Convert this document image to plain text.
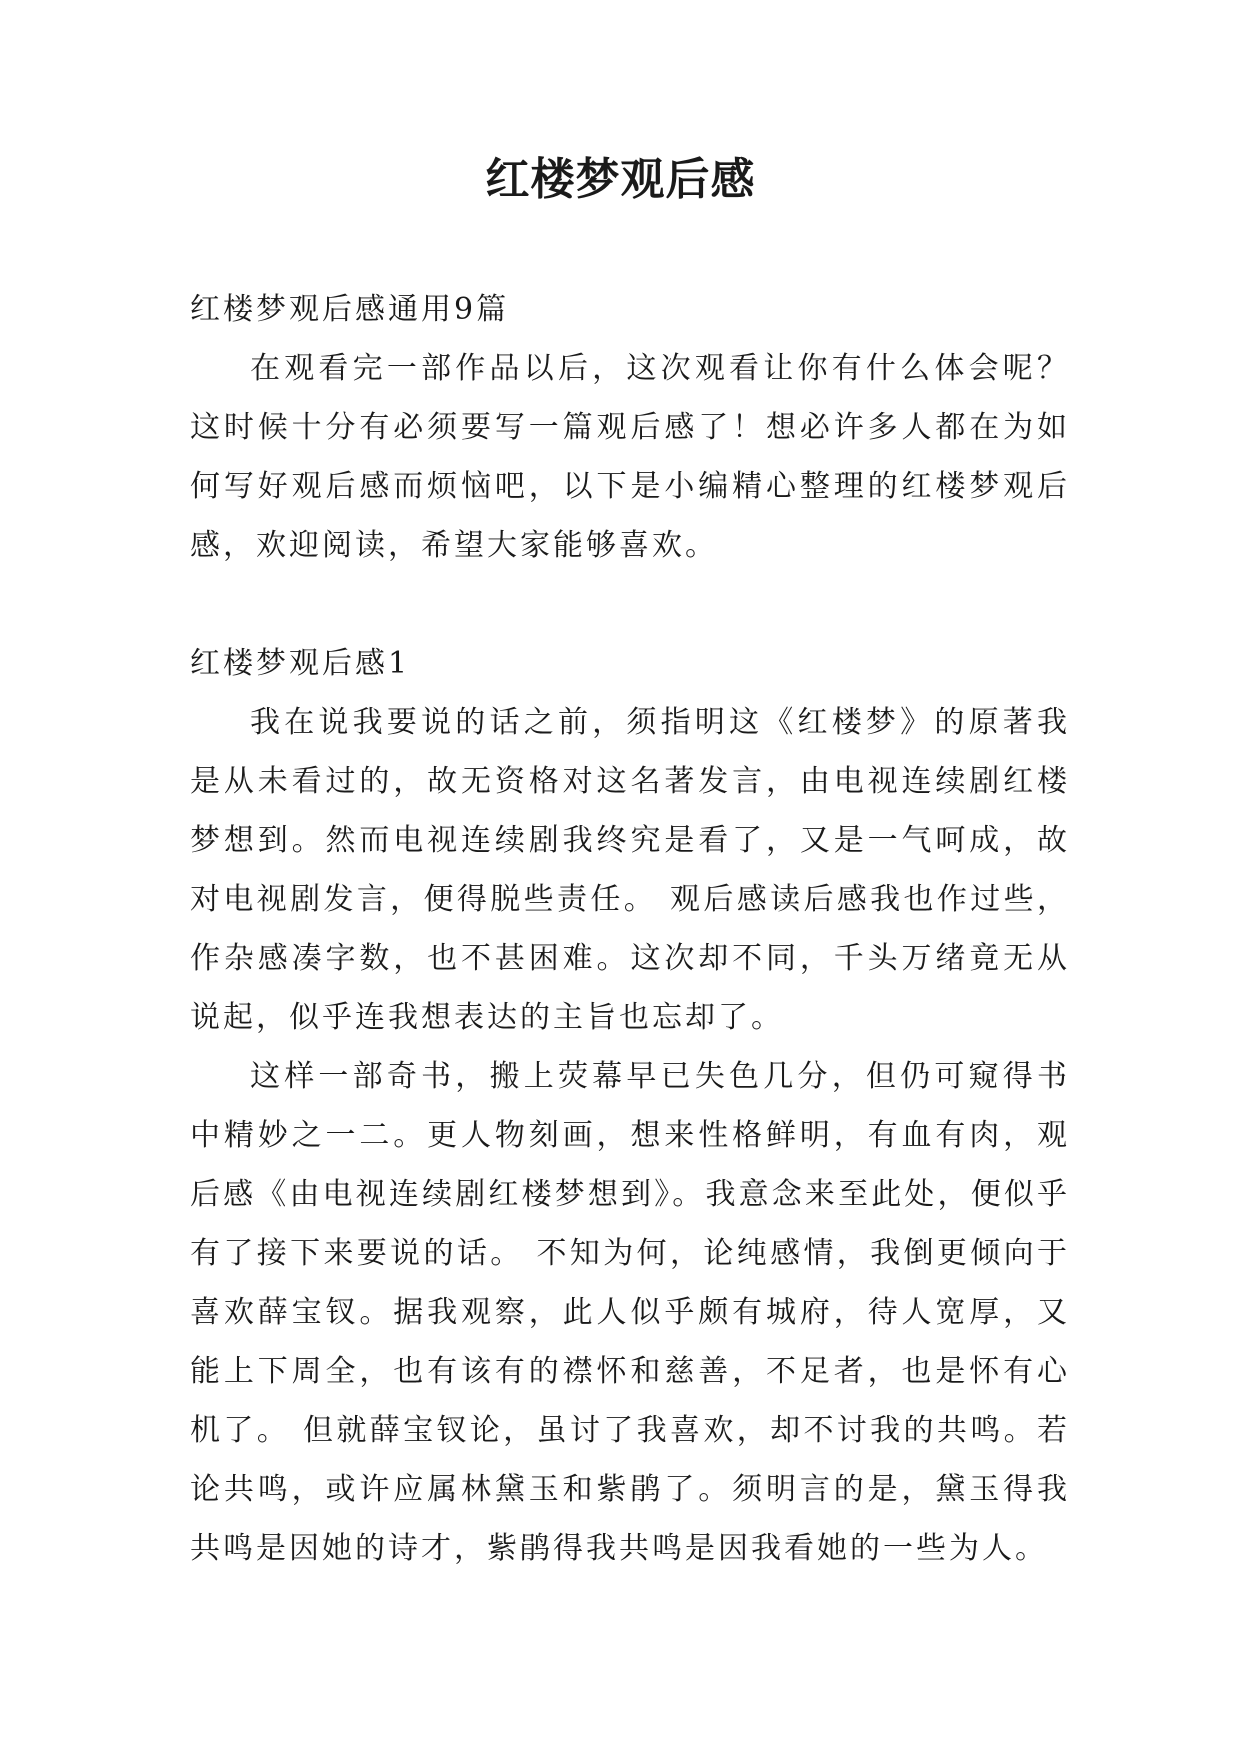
红楼梦观后感
红楼梦观后感通用9篇

在观看完一部作品以后，这次观看让你有什么体会呢？这时候十分有必须要写一篇观后感了！想必许多人都在为如何写好观后感而烦恼吧，以下是小编精心整理的红楼梦观后感，欢迎阅读，希望大家能够喜欢。

红楼梦观后感1

我在说我要说的话之前，须指明这《红楼梦》的原著我是从未看过的，故无资格对这名著发言，由电视连续剧红楼梦想到。然而电视连续剧我终究是看了，又是一气呵成，故对电视剧发言，便得脱些责任。 观后感读后感我也作过些，作杂感凑字数，也不甚困难。这次却不同，千头万绪竟无从说起，似乎连我想表达的主旨也忘却了。

这样一部奇书，搬上荧幕早已失色几分，但仍可窥得书中精妙之一二。更人物刻画，想来性格鲜明，有血有肉，观后感《由电视连续剧红楼梦想到》。我意念来至此处，便似乎有了接下来要说的话。 不知为何，论纯感情，我倒更倾向于喜欢薛宝钗。据我观察，此人似乎颇有城府，待人宽厚，又能上下周全，也有该有的襟怀和慈善，不足者，也是怀有心机了。 但就薛宝钗论，虽讨了我喜欢，却不讨我的共鸣。若论共鸣，或许应属林黛玉和紫鹃了。须明言的是，黛玉得我共鸣是因她的诗才，紫鹃得我共鸣是因我看她的一些为人。
